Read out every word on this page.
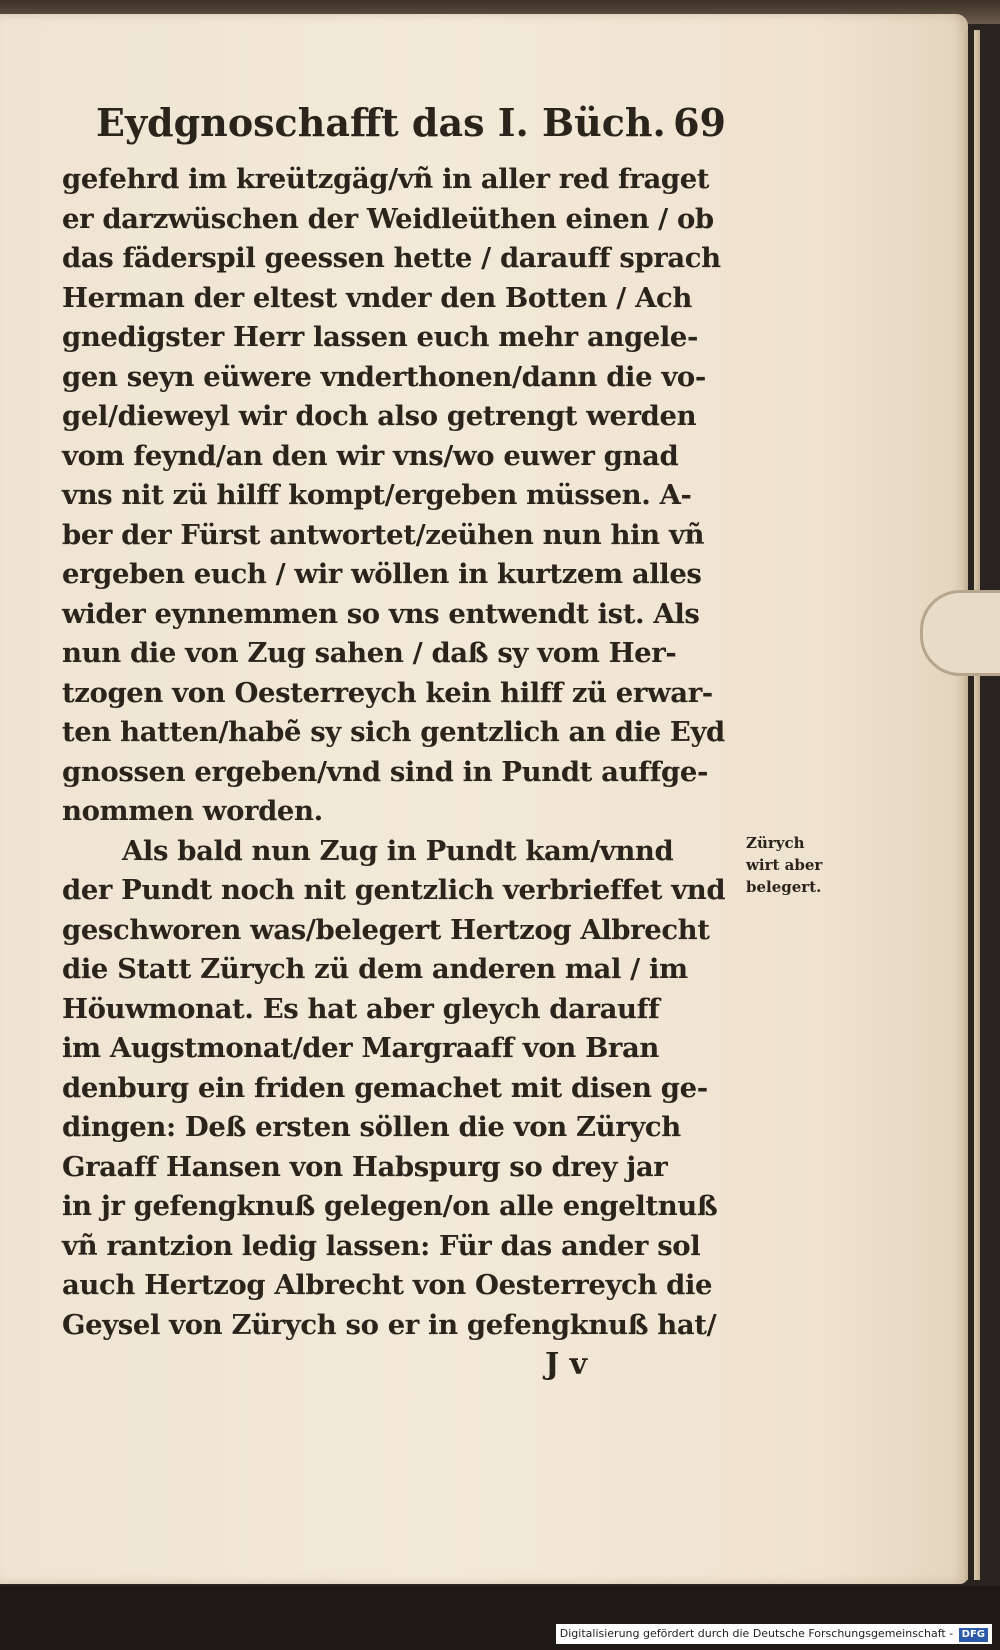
Eydgnoschafft das I. Büch. 69
gefehrd im kreützgäg/vñ in aller red fraget
er darzwüschen der Weidleüthen einen / ob
das fäderspil geessen hette / darauff sprach
Herman der eltest vnder den Botten / Ach
gnedigster Herr lassen euch mehr angele-
gen seyn eüwere vnderthonen/dann die vo-
gel/dieweyl wir doch also getrengt werden
vom feynd/an den wir vns/wo euwer gnad
vns nit zü hilff kompt/ergeben müssen. A-
ber der Fürst antwortet/zeühen nun hin vñ
ergeben euch / wir wöllen in kurtzem alles
wider eynnemmen so vns entwendt ist. Als
nun die von Zug sahen / daß sy vom Her-
tzogen von Oesterreych kein hilff zü erwar-
ten hatten/habẽ sy sich gentzlich an die Eyd
gnossen ergeben/vnd sind in Pundt auffge-
nommen worden.
Als bald nun Zug in Pundt kam/vnnd
der Pundt noch nit gentzlich verbrieffet vnd
geschworen was/belegert Hertzog Albrecht
die Statt Zürych zü dem anderen mal / im
Höuwmonat. Es hat aber gleych darauff
im Augstmonat/der Margraaff von Bran
denburg ein friden gemachet mit disen ge-
dingen: Deß ersten söllen die von Zürych
Graaff Hansen von Habspurg so drey jar
in jr gefengknuß gelegen/on alle engeltnuß
vñ rantzion ledig lassen: Für das ander sol
auch Hertzog Albrecht von Oesterreych die
Geysel von Zürych so er in gefengknuß hat/
Zürych
wirt aber
belegert.
J v
Digitalisierung gefördert durch die Deutsche Forschungsgemeinschaft - DFG
